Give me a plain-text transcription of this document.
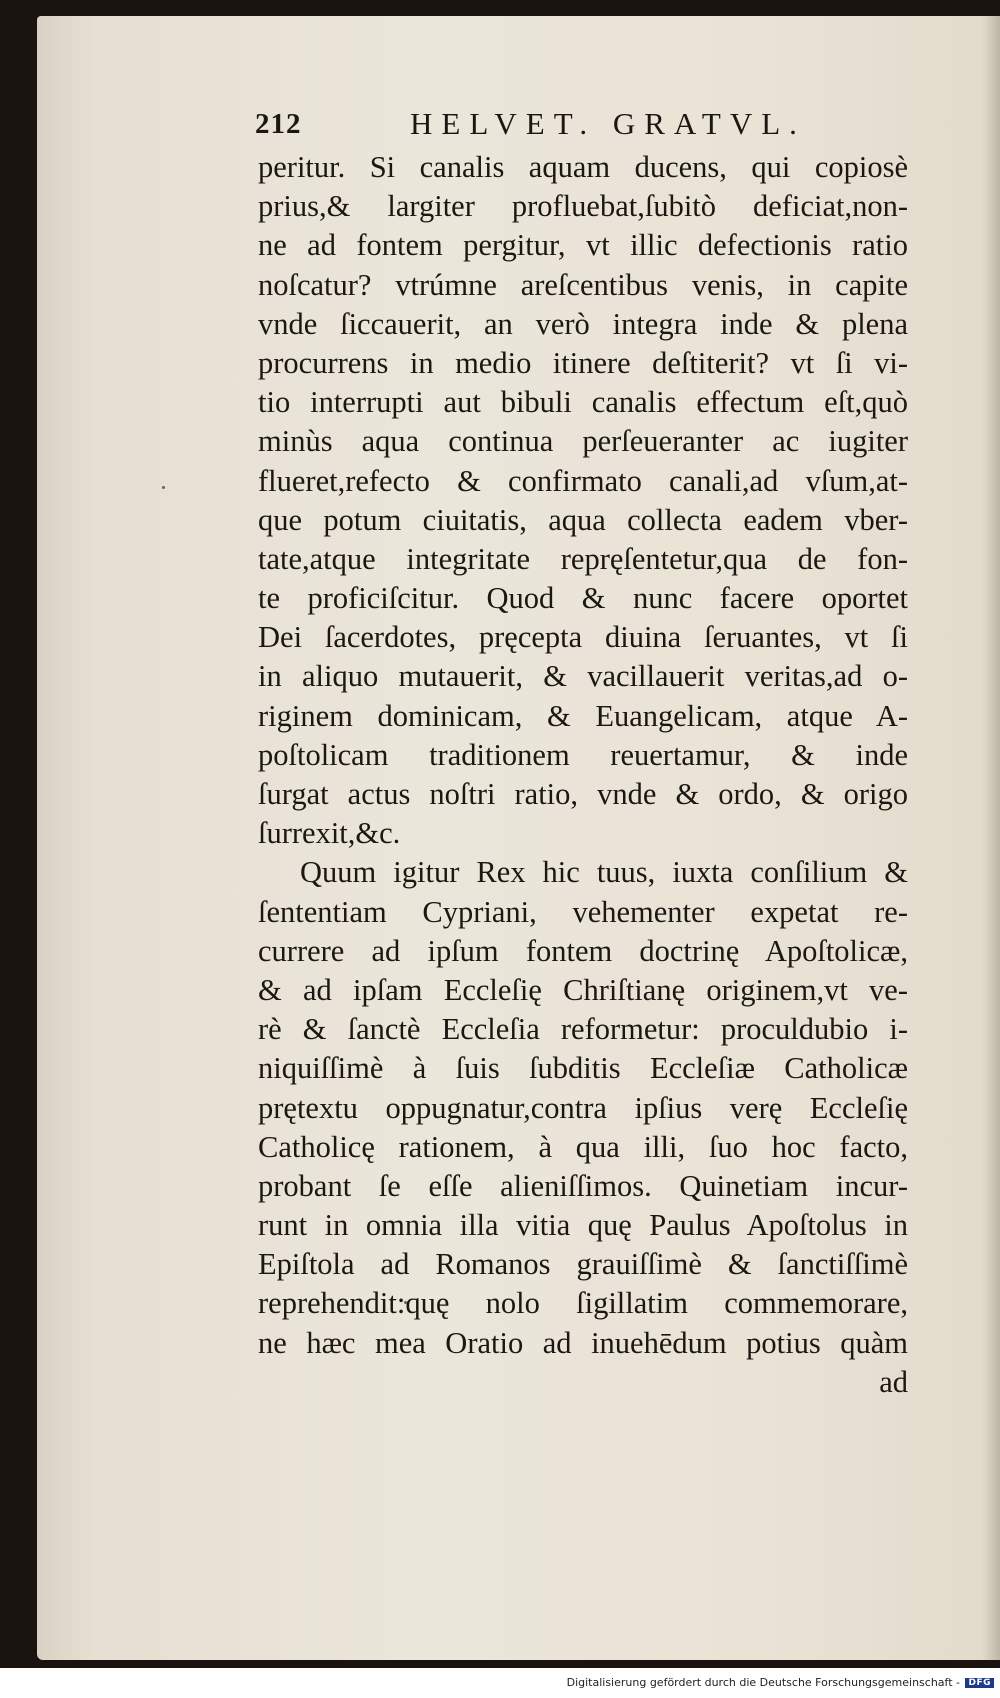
212	HELVET. GRATVL.
peritur. Si canalis aquam ducens, qui copiosè
prius,& largiter profluebat,ſubitò deficiat,non-
ne ad fontem pergitur, vt illic defectionis ratio
noſcatur? vtrúmne areſcentibus venis, in capite
vnde ſiccauerit, an verò integra inde & plena
procurrens in medio itinere deſtiterit? vt ſi vi-
tio interrupti aut bibuli canalis effectum eſt,quò
minùs aqua continua perſeueranter ac iugiter
flueret,refecto & confirmato canali,ad vſum,at-
que potum ciuitatis, aqua collecta eadem vber-
tate,atque integritate repręſentetur,qua de fon-
te proficiſcitur. Quod & nunc facere oportet
Dei ſacerdotes, pręcepta diuina ſeruantes, vt ſi
in aliquo mutauerit, & vacillauerit veritas,ad o-
riginem dominicam, & Euangelicam, atque A-
poſtolicam traditionem reuertamur, & inde
ſurgat actus noſtri ratio, vnde & ordo, & origo
ſurrexit,&c.
Quum igitur Rex hic tuus, iuxta conſilium &
ſententiam Cypriani, vehementer expetat re-
currere ad ipſum fontem doctrinę Apoſtolicæ,
& ad ipſam Eccleſię Chriſtianę originem,vt ve-
rè & ſanctè Eccleſia reformetur: proculdubio i-
niquiſſimè à ſuis ſubditis Eccleſiæ Catholicæ
prętextu oppugnatur,contra ipſius verę Eccleſię
Catholicę rationem, à qua illi, ſuo hoc facto,
probant ſe eſſe alieniſſimos. Quinetiam incur-
runt in omnia illa vitia quę Paulus Apoſtolus in
Epiſtola ad Romanos grauiſſimè & ſanctiſſimè
reprehendit:quę nolo ſigillatim commemorare,
ne hæc mea Oratio ad inuehēdum potius quàm
ad
Digitalisierung gefördert durch die Deutsche Forschungsgemeinschaft - DFG
